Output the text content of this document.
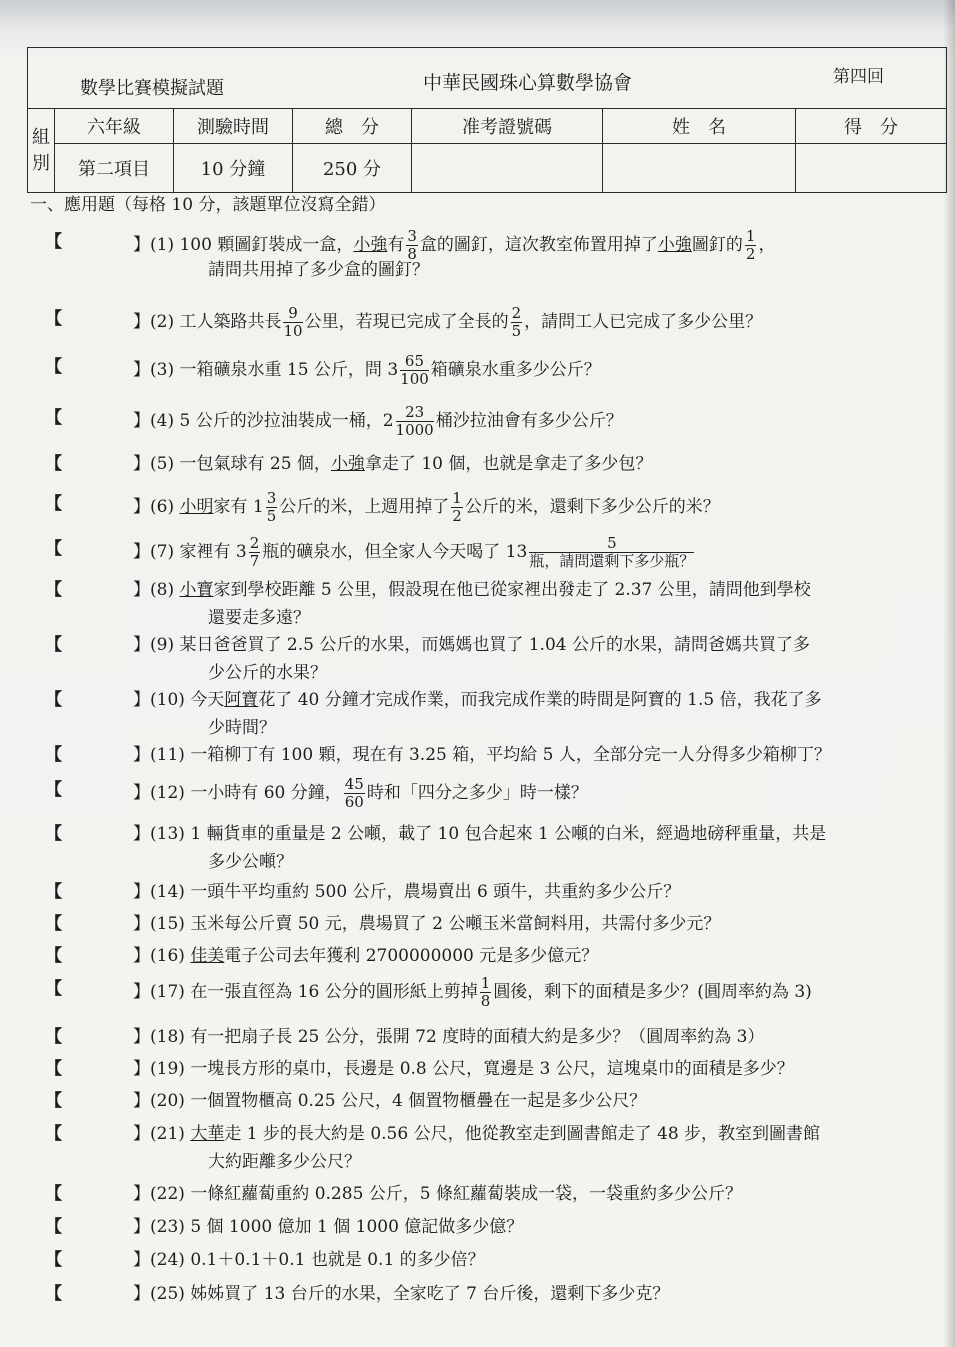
數學比賽模擬試題 中華民國珠心算數學協會 第四回						

組別	六年級	測驗時間	總　分	准考證號碼	姓　名	得　分
	第二項目	10 分鐘	250 分			
一、應用題（每格 10 分，該題單位沒寫全錯）
【	】(1) 100 顆圖釘裝成一盒，小強有 $\frac{3}{8}$ 盒的圖釘，這次教室佈置用掉了小強圖釘的 $\frac{1}{2}$ ，
請問共用掉了多少盒的圖釘？
【	】(2) 工人築路共長 $\frac{9}{10}$ 公里，若現已完成了全長的 $\frac{2}{5}$ ，請問工人已完成了多少公里？
【	】(3) 一箱礦泉水重 15 公斤，問 $3 \frac{65}{100}$ 箱礦泉水重多少公斤？
【	】(4) 5 公斤的沙拉油裝成一桶，$2 \frac{23}{1000}$ 桶沙拉油會有多少公斤？
【	】(5) 一包氣球有 25 個，小強拿走了 10 個，也就是拿走了多少包？
【	】(6) 小明家有 $1 \frac{3}{5}$ 公斤的米，上週用掉了 $\frac{1}{2}$ 公斤的米，還剩下多少公斤的米？
【	】(7) 家裡有 $3 \frac{2}{7}$ 瓶的礦泉水，但全家人今天喝了 $13 \frac{5}{\text{瓶，請問還剩下多少瓶？}}$
【	】(8) 小寶家到學校距離 5 公里，假設現在他已從家裡出發走了 2.37 公里，請問他到學校
還要走多遠？
【	】(9) 某日爸爸買了 2.5 公斤的水果，而媽媽也買了 1.04 公斤的水果，請問爸媽共買了多
少公斤的水果？
【	】(10) 今天阿寶花了 40 分鐘才完成作業，而我完成作業的時間是阿寶的 1.5 倍，我花了多
少時間？
【	】(11) 一箱柳丁有 100 顆，現在有 3.25 箱，平均給 5 人，全部分完一人分得多少箱柳丁？
【	】(12) 一小時有 60 分鐘， $\frac{45}{60}$ 時和「四分之多少」時一樣？
【	】(13) 1 輛貨車的重量是 2 公噸，載了 10 包合起來 1 公噸的白米，經過地磅秤重量，共是
多少公噸？
【	】(14) 一頭牛平均重約 500 公斤，農場賣出 6 頭牛，共重約多少公斤？
【	】(15) 玉米每公斤賣 50 元，農場買了 2 公噸玉米當飼料用，共需付多少元？
【	】(16) 佳美電子公司去年獲利 2700000000 元是多少億元？
【	】(17) 在一張直徑為 16 公分的圓形紙上剪掉 $\frac{1}{8}$ 圓後，剩下的面積是多少？(圓周率約為 3)
【	】(18) 有一把扇子長 25 公分，張開 72 度時的面積大約是多少？（圓周率約為 3）
【	】(19) 一塊長方形的桌巾，長邊是 0.8 公尺，寬邊是 3 公尺，這塊桌巾的面積是多少？
【	】(20) 一個置物櫃高 0.25 公尺，4 個置物櫃疊在一起是多少公尺？
【	】(21) 大華走 1 步的長大約是 0.56 公尺，他從教室走到圖書館走了 48 步，教室到圖書館
大約距離多少公尺？
【	】(22) 一條紅蘿蔔重約 0.285 公斤，5 條紅蘿蔔裝成一袋，一袋重約多少公斤？
【	】(23) 5 個 1000 億加 1 個 1000 億記做多少億？
【	】(24) 0.1＋0.1＋0.1 也就是 0.1 的多少倍？
【	】(25) 姊姊買了 13 台斤的水果，全家吃了 7 台斤後，還剩下多少克？
